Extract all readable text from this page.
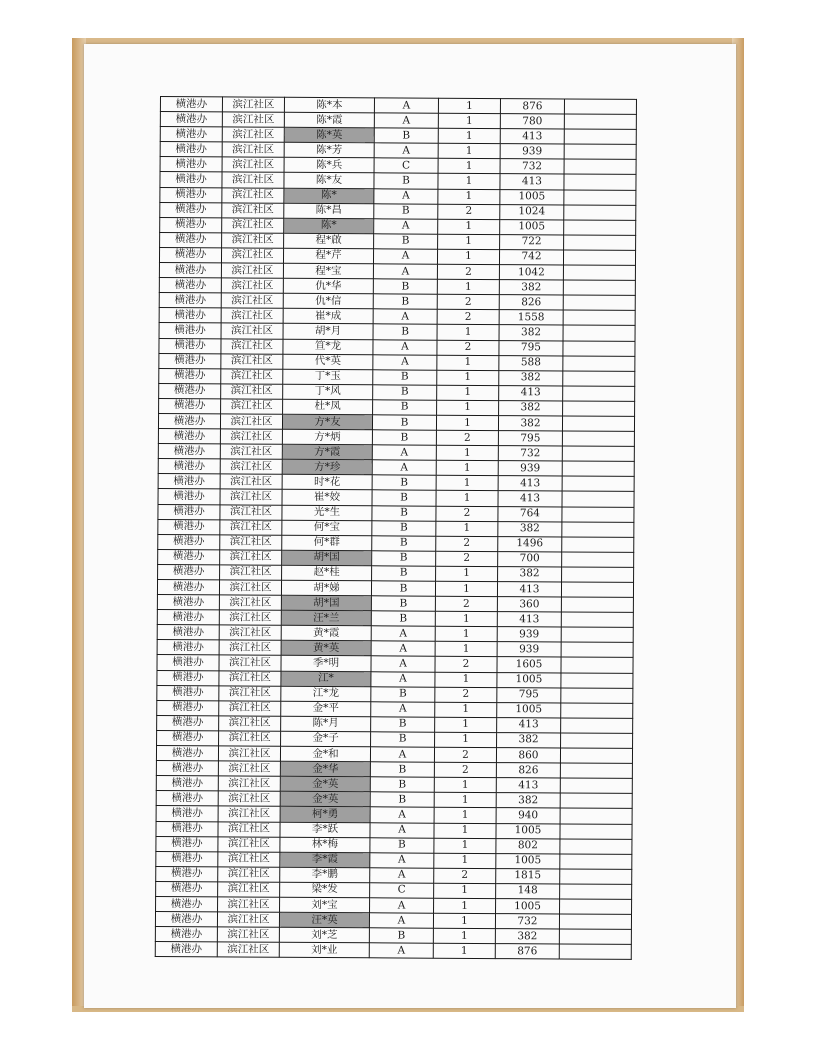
横港办	滨江社区	陈*本	A	1	876	
横港办	滨江社区	陈*霞	A	1	780	
横港办	滨江社区	陈*英	B	1	413	
横港办	滨江社区	陈*芳	A	1	939	
横港办	滨江社区	陈*兵	C	1	732	
横港办	滨江社区	陈*友	B	1	413	
横港办	滨江社区	陈*	A	1	1005	
横港办	滨江社区	陈*昌	B	2	1024	
横港办	滨江社区	陈*	A	1	1005	
横港办	滨江社区	程*啟	B	1	722	
横港办	滨江社区	程*芹	A	1	742	
横港办	滨江社区	程*宝	A	2	1042	
横港办	滨江社区	仇*华	B	1	382	
横港办	滨江社区	仇*信	B	2	826	
横港办	滨江社区	崔*成	A	2	1558	
横港办	滨江社区	胡*月	B	1	382	
横港办	滨江社区	笪*龙	A	2	795	
横港办	滨江社区	代*英	A	1	588	
横港办	滨江社区	丁*玉	B	1	382	
横港办	滨江社区	丁*风	B	1	413	
横港办	滨江社区	杜*凤	B	1	382	
横港办	滨江社区	方*友	B	1	382	
横港办	滨江社区	方*炳	B	2	795	
横港办	滨江社区	方*霞	A	1	732	
横港办	滨江社区	方*珍	A	1	939	
横港办	滨江社区	时*花	B	1	413	
横港办	滨江社区	崔*姣	B	1	413	
横港办	滨江社区	光*生	B	2	764	
横港办	滨江社区	何*宝	B	1	382	
横港办	滨江社区	何*群	B	2	1496	
横港办	滨江社区	胡*国	B	2	700	
横港办	滨江社区	赵*桂	B	1	382	
横港办	滨江社区	胡*娣	B	1	413	
横港办	滨江社区	胡*国	B	2	360	
横港办	滨江社区	汪*兰	B	1	413	
横港办	滨江社区	黄*霞	A	1	939	
横港办	滨江社区	黄*英	A	1	939	
横港办	滨江社区	季*明	A	2	1605	
横港办	滨江社区	江*	A	1	1005	
横港办	滨江社区	江*龙	B	2	795	
横港办	滨江社区	金*平	A	1	1005	
横港办	滨江社区	陈*月	B	1	413	
横港办	滨江社区	金*子	B	1	382	
横港办	滨江社区	金*和	A	2	860	
横港办	滨江社区	金*华	B	2	826	
横港办	滨江社区	金*英	B	1	413	
横港办	滨江社区	金*英	B	1	382	
横港办	滨江社区	柯*勇	A	1	940	
横港办	滨江社区	李*跃	A	1	1005	
横港办	滨江社区	林*梅	B	1	802	
横港办	滨江社区	李*霞	A	1	1005	
横港办	滨江社区	李*鹏	A	2	1815	
横港办	滨江社区	梁*发	C	1	148	
横港办	滨江社区	刘*宝	A	1	1005	
横港办	滨江社区	汪*英	A	1	732	
横港办	滨江社区	刘*芝	B	1	382	
横港办	滨江社区	刘*业	A	1	876	
